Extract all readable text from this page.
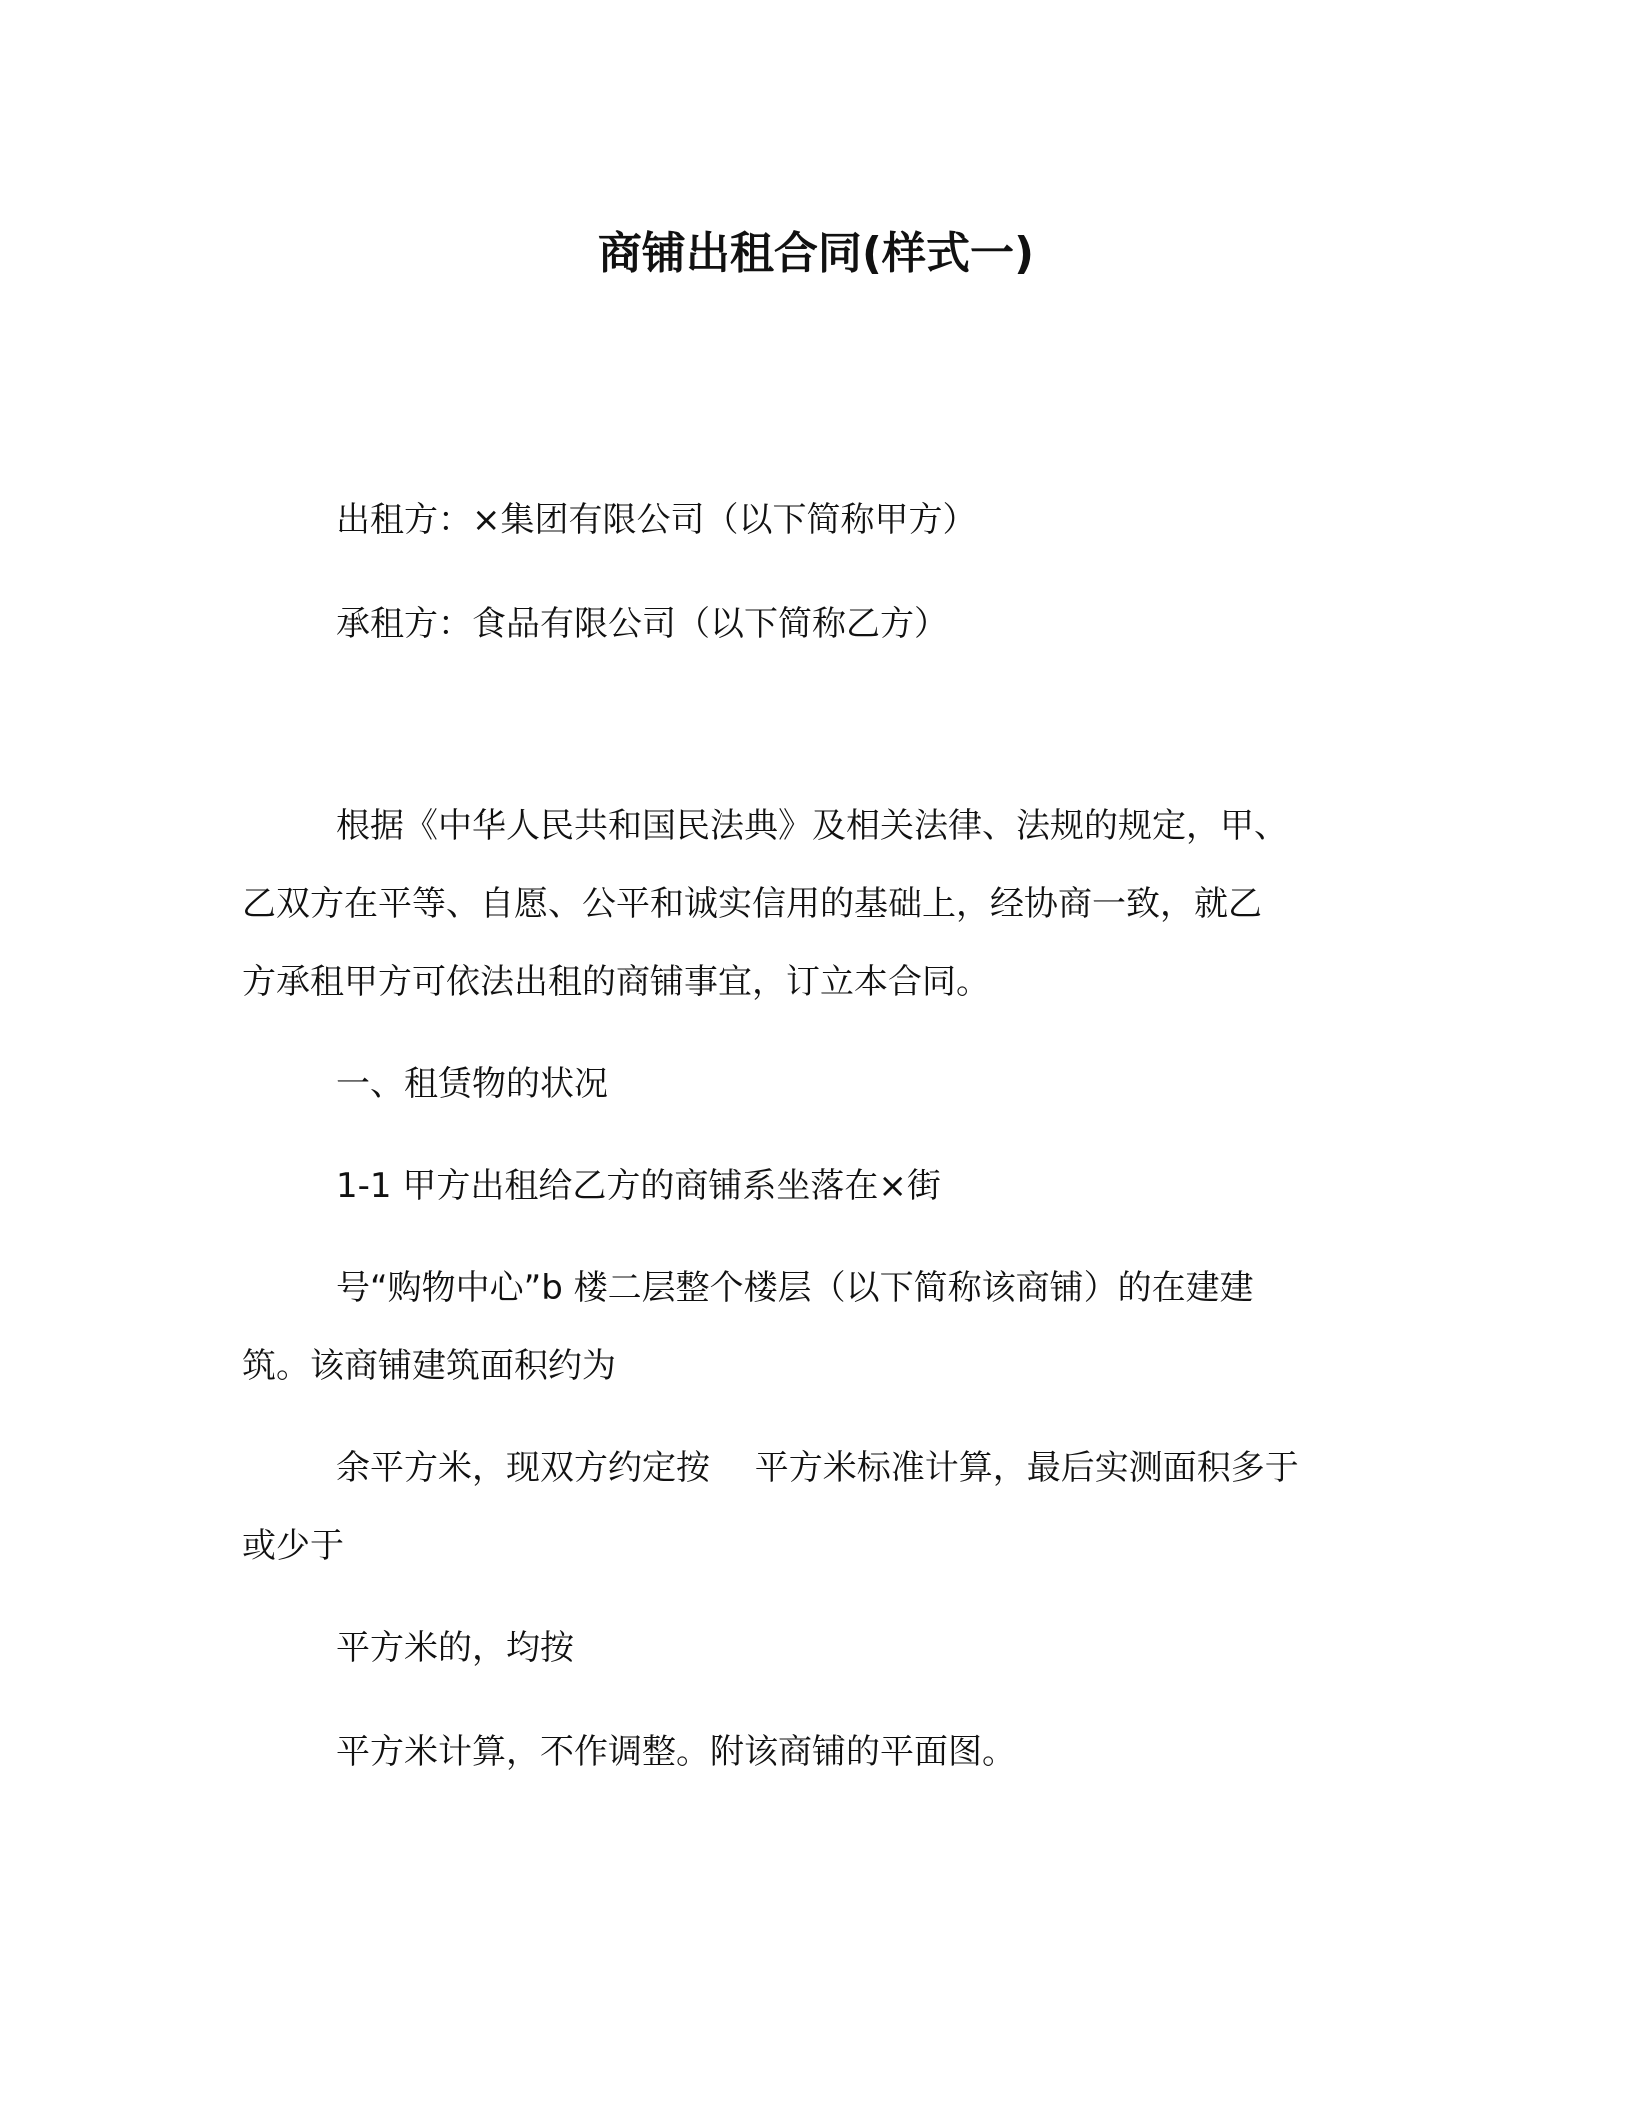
商铺出租合同(样式一)
出租方：×集团有限公司（以下简称甲方）
承租方：食品有限公司（以下简称乙方）
根据《中华人民共和国民法典》及相关法律、法规的规定，甲、
乙双方在平等、自愿、公平和诚实信用的基础上，经协商一致，就乙
方承租甲方可依法出租的商铺事宜，订立本合同。
一、租赁物的状况
1-1 甲方出租给乙方的商铺系坐落在×街
号“购物中心”b 楼二层整个楼层（以下简称该商铺）的在建建
筑。该商铺建筑面积约为
余平方米，现双方约定按　 平方米标准计算，最后实测面积多于
或少于
平方米的，均按
平方米计算，不作调整。附该商铺的平面图。
